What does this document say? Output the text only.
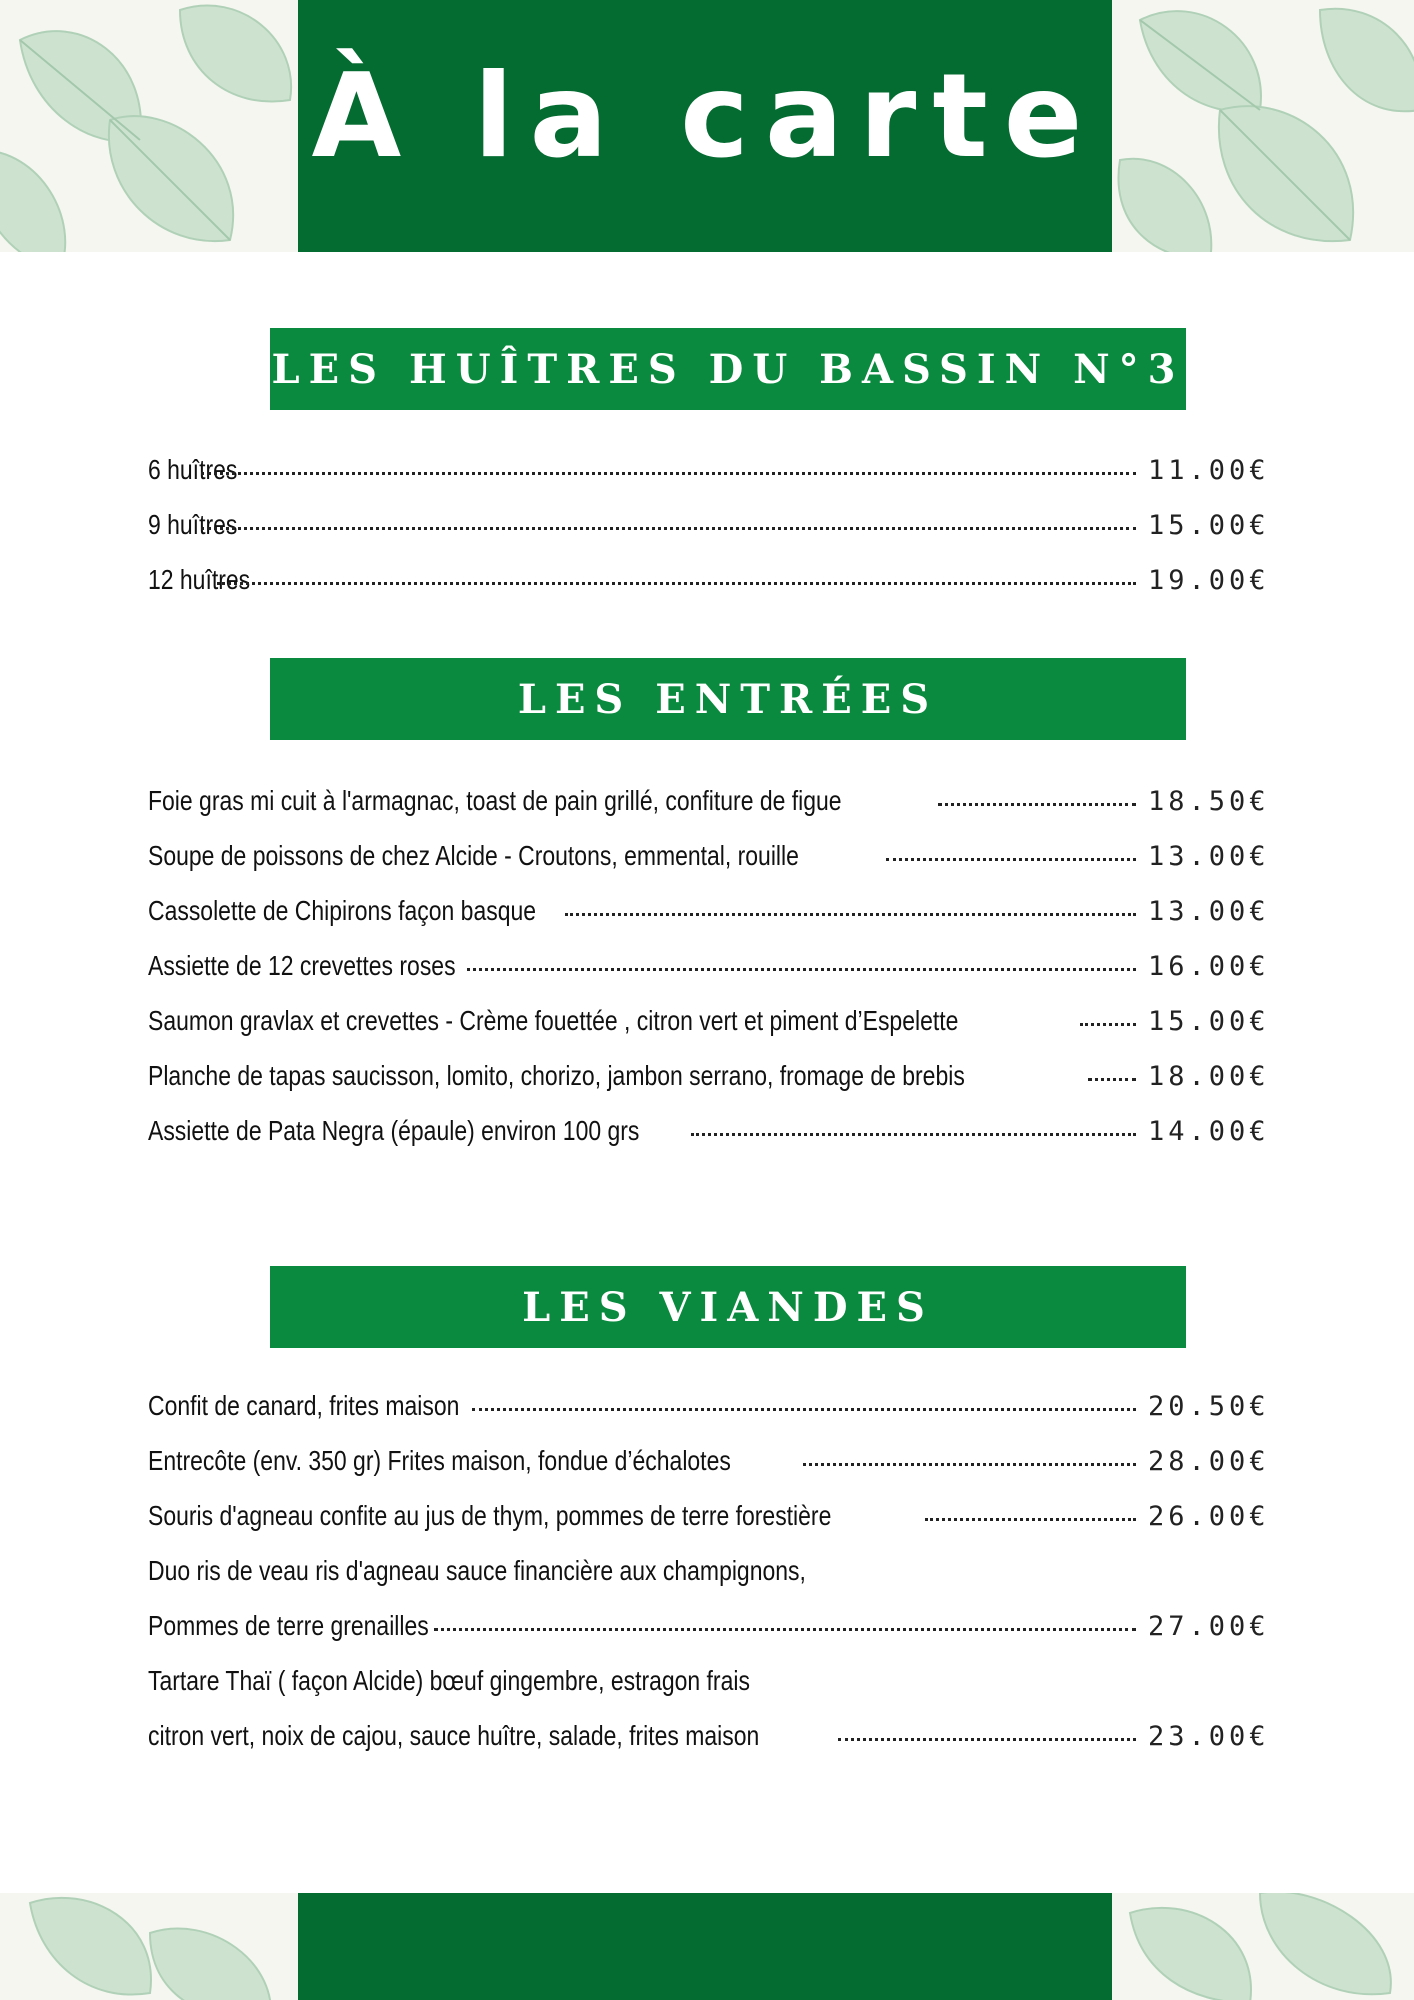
À la carte
LES HUÎTRES DU BASSIN N°3
6 huîtres	11.00€
9 huîtres	15.00€
12 huîtres	19.00€
LES ENTRÉES
Foie gras mi cuit à l'armagnac, toast de pain grillé, confiture de figue	18.50€
Soupe de poissons de chez Alcide - Croutons, emmental, rouille	13.00€
Cassolette de Chipirons façon basque	13.00€
Assiette de 12 crevettes roses	16.00€
Saumon gravlax et crevettes - Crème fouettée , citron vert et piment d’Espelette	15.00€
Planche de tapas saucisson, lomito, chorizo, jambon serrano, fromage de brebis	18.00€
Assiette de Pata Negra (épaule) environ 100 grs	14.00€
LES VIANDES
Confit de canard, frites maison	20.50€
Entrecôte (env. 350 gr) Frites maison, fondue d’échalotes	28.00€
Souris d'agneau confite au jus de thym, pommes de terre forestière	26.00€
Duo ris de veau ris d'agneau sauce financière aux champignons,
Pommes de terre grenailles	27.00€
Tartare Thaï ( façon Alcide) bœuf gingembre, estragon frais
citron vert, noix de cajou, sauce huître, salade, frites maison	23.00€
